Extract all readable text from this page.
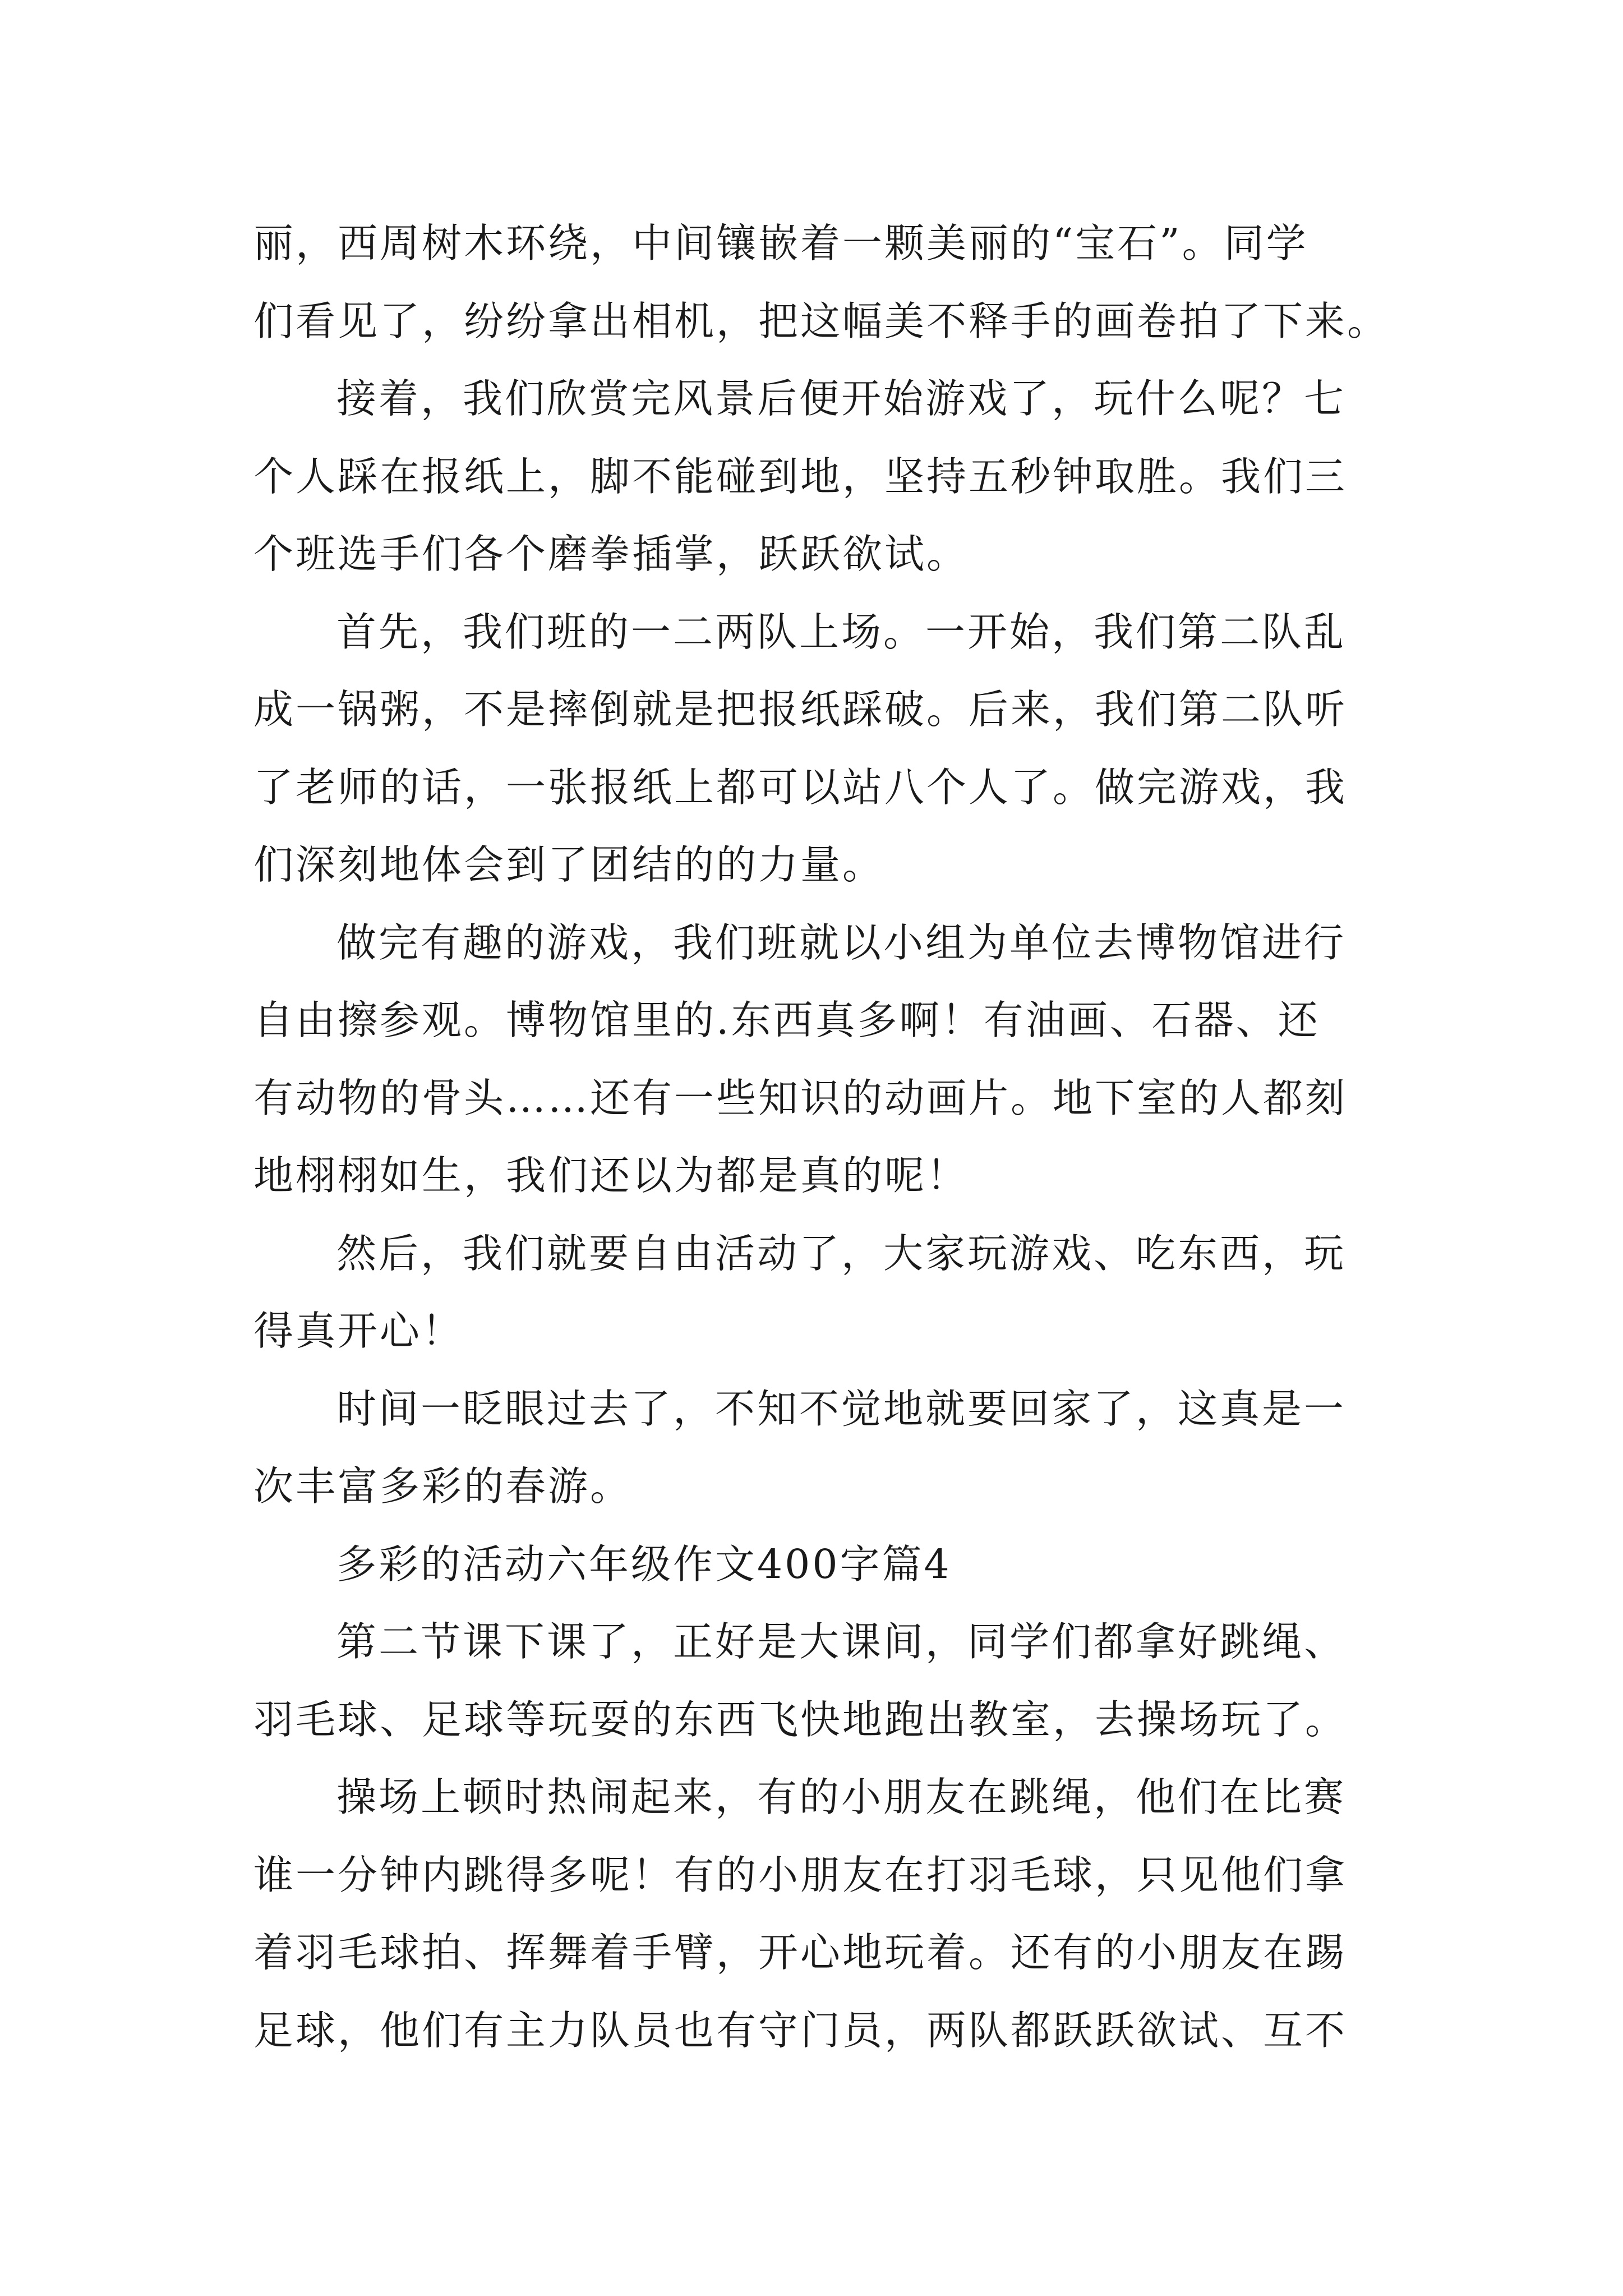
丽，西周树木环绕，中间镶嵌着一颗美丽的“宝石”。同学
们看见了，纷纷拿出相机，把这幅美不释手的画卷拍了下来。
接着，我们欣赏完风景后便开始游戏了，玩什么呢？七
个人踩在报纸上，脚不能碰到地，坚持五秒钟取胜。我们三
个班选手们各个磨拳插掌，跃跃欲试。
首先，我们班的一二两队上场。一开始，我们第二队乱
成一锅粥，不是摔倒就是把报纸踩破。后来，我们第二队听
了老师的话，一张报纸上都可以站八个人了。做完游戏，我
们深刻地体会到了团结的的力量。
做完有趣的游戏，我们班就以小组为单位去博物馆进行
自由擦参观。博物馆里的.东西真多啊！有油画、石器、还
有动物的骨头……还有一些知识的动画片。地下室的人都刻
地栩栩如生，我们还以为都是真的呢！
然后，我们就要自由活动了，大家玩游戏、吃东西，玩
得真开心！
时间一眨眼过去了，不知不觉地就要回家了，这真是一
次丰富多彩的春游。
多彩的活动六年级作文400字篇4
第二节课下课了，正好是大课间，同学们都拿好跳绳、
羽毛球、足球等玩耍的东西飞快地跑出教室，去操场玩了。
操场上顿时热闹起来，有的小朋友在跳绳，他们在比赛
谁一分钟内跳得多呢！有的小朋友在打羽毛球，只见他们拿
着羽毛球拍、挥舞着手臂，开心地玩着。还有的小朋友在踢
足球，他们有主力队员也有守门员，两队都跃跃欲试、互不
